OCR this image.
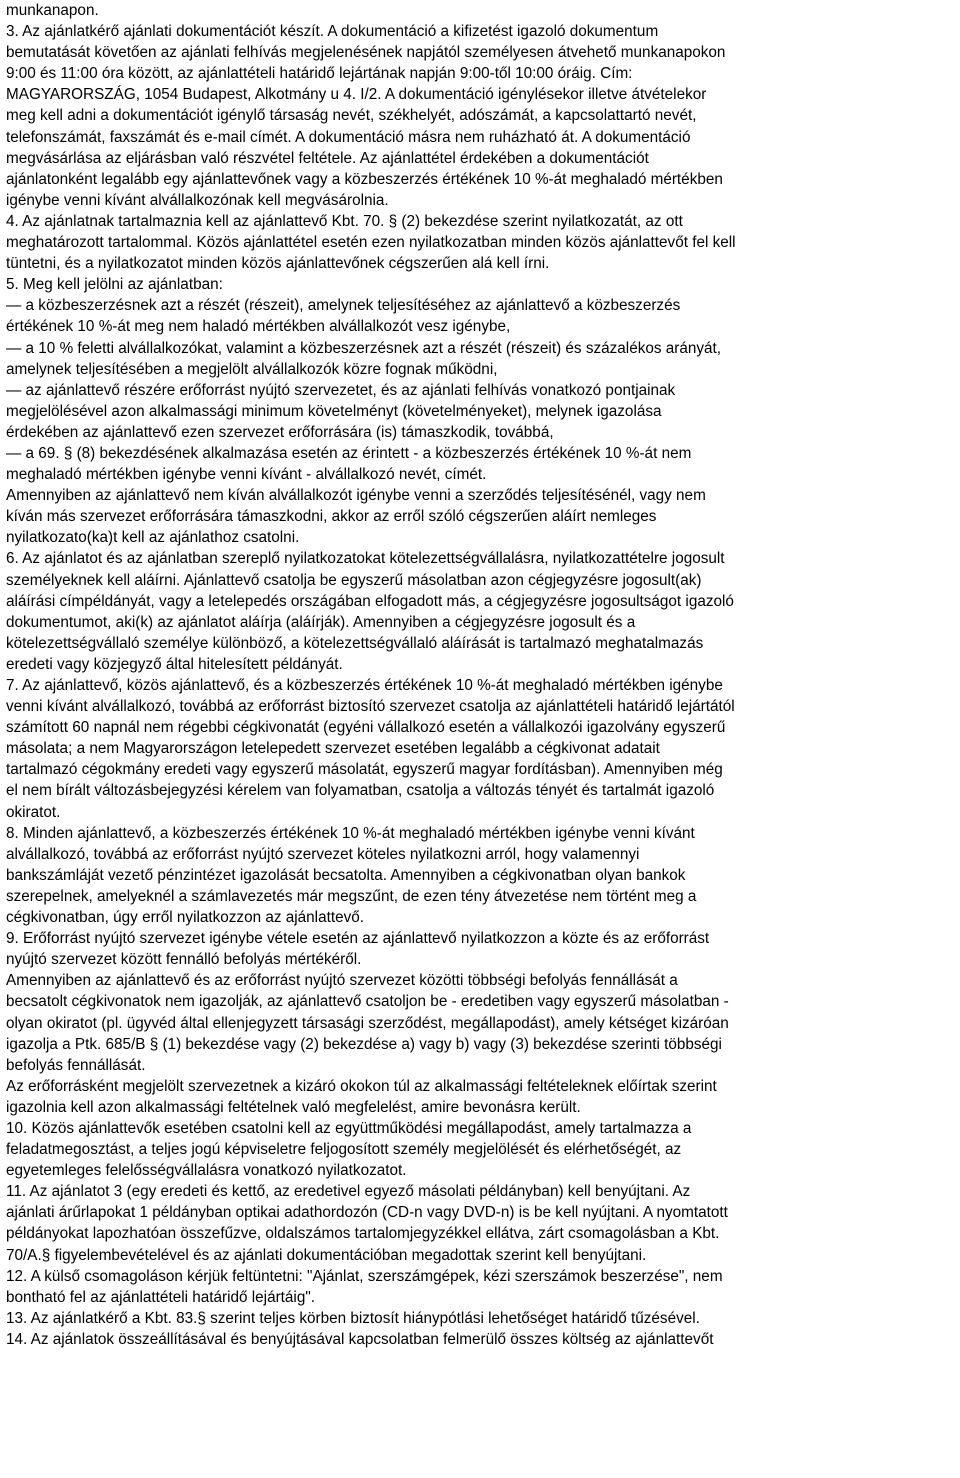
munkanapon.
3. Az ajánlatkérő ajánlati dokumentációt készít. A dokumentáció a kifizetést igazoló dokumentum
bemutatását követően az ajánlati felhívás megjelenésének napjától személyesen átvehető munkanapokon
9:00 és 11:00 óra között, az ajánlattételi határidő lejártának napján 9:00-től 10:00 óráig. Cím:
MAGYARORSZÁG, 1054 Budapest, Alkotmány u 4. I/2. A dokumentáció igénylésekor illetve átvételekor
meg kell adni a dokumentációt igénylő társaság nevét, székhelyét, adószámát, a kapcsolattartó nevét,
telefonszámát, faxszámát és e-mail címét. A dokumentáció másra nem ruházható át. A dokumentáció
megvásárlása az eljárásban való részvétel feltétele. Az ajánlattétel érdekében a dokumentációt
ajánlatonként legalább egy ajánlattevőnek vagy a közbeszerzés értékének 10 %-át meghaladó mértékben
igénybe venni kívánt alvállalkozónak kell megvásárolnia.
4. Az ajánlatnak tartalmaznia kell az ajánlattevő Kbt. 70. § (2) bekezdése szerint nyilatkozatát, az ott
meghatározott tartalommal. Közös ajánlattétel esetén ezen nyilatkozatban minden közös ajánlattevőt fel kell
tüntetni, és a nyilatkozatot minden közös ajánlattevőnek cégszerűen alá kell írni.
5. Meg kell jelölni az ajánlatban:
— a közbeszerzésnek azt a részét (részeit), amelynek teljesítéséhez az ajánlattevő a közbeszerzés
értékének 10 %-át meg nem haladó mértékben alvállalkozót vesz igénybe,
— a 10 % feletti alvállalkozókat, valamint a közbeszerzésnek azt a részét (részeit) és százalékos arányát,
amelynek teljesítésében a megjelölt alvállalkozók közre fognak működni,
— az ajánlattevő részére erőforrást nyújtó szervezetet, és az ajánlati felhívás vonatkozó pontjainak
megjelölésével azon alkalmassági minimum követelményt (követelményeket), melynek igazolása
érdekében az ajánlattevő ezen szervezet erőforrására (is) támaszkodik, továbbá,
— a 69. § (8) bekezdésének alkalmazása esetén az érintett - a közbeszerzés értékének 10 %-át nem
meghaladó mértékben igénybe venni kívánt - alvállalkozó nevét, címét.
Amennyiben az ajánlattevő nem kíván alvállalkozót igénybe venni a szerződés teljesítésénél, vagy nem
kíván más szervezet erőforrására támaszkodni, akkor az erről szóló cégszerűen aláírt nemleges
nyilatkozato(ka)t kell az ajánlathoz csatolni.
6. Az ajánlatot és az ajánlatban szereplő nyilatkozatokat kötelezettségvállalásra, nyilatkozattételre jogosult
személyeknek kell aláírni. Ajánlattevő csatolja be egyszerű másolatban azon cégjegyzésre jogosult(ak)
aláírási címpéldányát, vagy a letelepedés országában elfogadott más, a cégjegyzésre jogosultságot igazoló
dokumentumot, aki(k) az ajánlatot aláírja (aláírják). Amennyiben a cégjegyzésre jogosult és a
kötelezettségvállaló személye különböző, a kötelezettségvállaló aláírását is tartalmazó meghatalmazás
eredeti vagy közjegyző által hitelesített példányát.
7. Az ajánlattevő, közös ajánlattevő, és a közbeszerzés értékének 10 %-át meghaladó mértékben igénybe
venni kívánt alvállalkozó, továbbá az erőforrást biztosító szervezet csatolja az ajánlattételi határidő lejártától
számított 60 napnál nem régebbi cégkivonatát (egyéni vállalkozó esetén a vállalkozói igazolvány egyszerű
másolata; a nem Magyarországon letelepedett szervezet esetében legalább a cégkivonat adatait
tartalmazó cégokmány eredeti vagy egyszerű másolatát, egyszerű magyar fordításban). Amennyiben még
el nem bírált változásbejegyzési kérelem van folyamatban, csatolja a változás tényét és tartalmát igazoló
okiratot.
8. Minden ajánlattevő, a közbeszerzés értékének 10 %-át meghaladó mértékben igénybe venni kívánt
alvállalkozó, továbbá az erőforrást nyújtó szervezet köteles nyilatkozni arról, hogy valamennyi
bankszámláját vezető pénzintézet igazolását becsatolta. Amennyiben a cégkivonatban olyan bankok
szerepelnek, amelyeknél a számlavezetés már megszűnt, de ezen tény átvezetése nem történt meg a
cégkivonatban, úgy erről nyilatkozzon az ajánlattevő.
9. Erőforrást nyújtó szervezet igénybe vétele esetén az ajánlattevő nyilatkozzon a közte és az erőforrást
nyújtó szervezet között fennálló befolyás mértékéről.
Amennyiben az ajánlattevő és az erőforrást nyújtó szervezet közötti többségi befolyás fennállását a
becsatolt cégkivonatok nem igazolják, az ajánlattevő csatoljon be - eredetiben vagy egyszerű másolatban -
olyan okiratot (pl. ügyvéd által ellenjegyzett társasági szerződést, megállapodást), amely kétséget kizáróan
igazolja a Ptk. 685/B § (1) bekezdése vagy (2) bekezdése a) vagy b) vagy (3) bekezdése szerinti többségi
befolyás fennállását.
Az erőforrásként megjelölt szervezetnek a kizáró okokon túl az alkalmassági feltételeknek előírtak szerint
igazolnia kell azon alkalmassági feltételnek való megfelelést, amire bevonásra került.
10. Közös ajánlattevők esetében csatolni kell az együttműködési megállapodást, amely tartalmazza a
feladatmegosztást, a teljes jogú képviseletre feljogosított személy megjelölését és elérhetőségét, az
egyetemleges felelősségvállalásra vonatkozó nyilatkozatot.
11. Az ajánlatot 3 (egy eredeti és kettő, az eredetivel egyező másolati példányban) kell benyújtani. Az
ajánlati árűrlapokat 1 példányban optikai adathordozón (CD-n vagy DVD-n) is be kell nyújtani. A nyomtatott
példányokat lapozhatóan összefűzve, oldalszámos tartalomjegyzékkel ellátva, zárt csomagolásban a Kbt.
70/A.§ figyelembevételével és az ajánlati dokumentációban megadottak szerint kell benyújtani.
12. A külső csomagoláson kérjük feltüntetni: "Ajánlat, szerszámgépek, kézi szerszámok beszerzése", nem
bontható fel az ajánlattételi határidő lejártáig".
13. Az ajánlatkérő a Kbt. 83.§ szerint teljes körben biztosít hiánypótlási lehetőséget határidő tűzésével.
14. Az ajánlatok összeállításával és benyújtásával kapcsolatban felmerülő összes költség az ajánlattevőt
